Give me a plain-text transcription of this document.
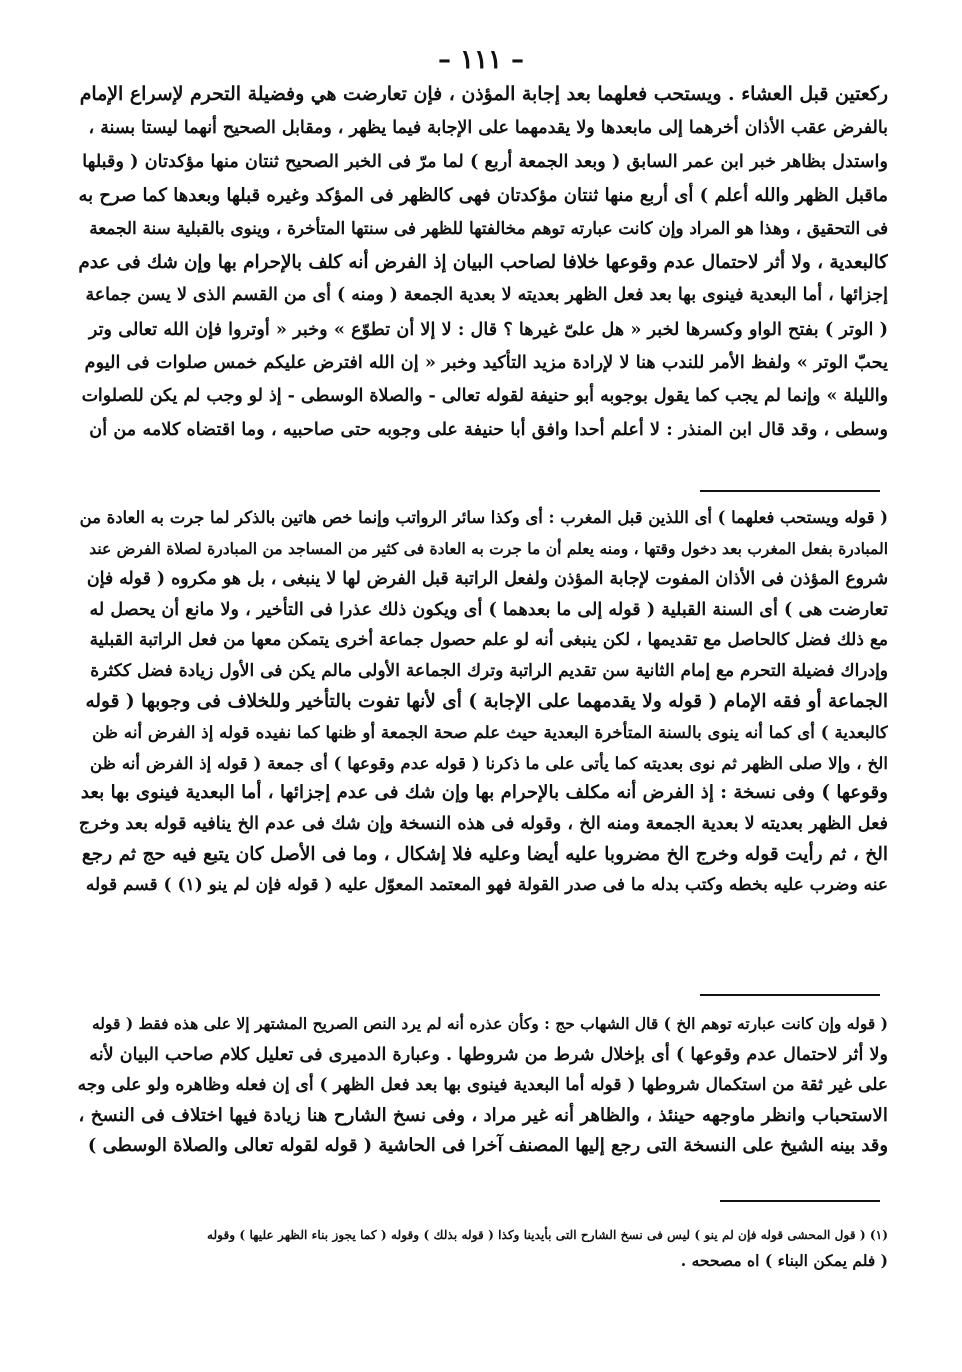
– ١١١ –
ركعتين قبل العشاء . ويستحب فعلهما بعد إجابة المؤذن ، فإن تعارضت هي وفضيلة التحرم لإسراع الإمام
بالفرض عقب الأذان أخرهما إلى مابعدها ولا يقدمهما على الإجابة فيما يظهر ، ومقابل الصحيح أنهما ليستا بسنة ،
واستدل بظاهر خبر ابن عمر السابق ( وبعد الجمعة أربع ) لما مرّ فى الخبر الصحيح ثنتان منها مؤكدتان ( وقبلها
ماقبل الظهر والله أعلم ) أى أربع منها ثنتان مؤكدتان فهى كالظهر فى المؤكد وغيره قبلها وبعدها كما صرح به
فى التحقيق ، وهذا هو المراد وإن كانت عبارته توهم مخالفتها للظهر فى سنتها المتأخرة ، وينوى بالقبلية سنة الجمعة
كالبعدية ، ولا أثر لاحتمال عدم وقوعها خلافا لصاحب البيان إذ الفرض أنه كلف بالإحرام بها وإن شك فى عدم
إجزائها ، أما البعدية فينوى بها بعد فعل الظهر بعديته لا بعدية الجمعة ( ومنه ) أى من القسم الذى لا يسن جماعة
( الوتر ) بفتح الواو وكسرها لخبر « هل علىّ غيرها ؟ قال : لا إلا أن تطوّع » وخبر « أوتروا فإن الله تعالى وتر
يحبّ الوتر » ولفظ الأمر للندب هنا لا لإرادة مزيد التأكيد وخبر « إن الله افترض عليكم خمس صلوات فى اليوم
والليلة » وإنما لم يجب كما يقول بوجوبه أبو حنيفة لقوله تعالى - والصلاة الوسطى - إذ لو وجب لم يكن للصلوات
وسطى ، وقد قال ابن المنذر : لا أعلم أحدا وافق أبا حنيفة على وجوبه حتى صاحبيه ، وما اقتضاه كلامه من أن
( قوله ويستحب فعلهما ) أى اللذين قبل المغرب : أى وكذا سائر الرواتب وإنما خص هاتين بالذكر لما جرت به العادة من
المبادرة بفعل المغرب بعد دخول وقتها ، ومنه يعلم أن ما جرت به العادة فى كثير من المساجد من المبادرة لصلاة الفرض عند
شروع المؤذن فى الأذان المفوت لإجابة المؤذن ولفعل الراتبة قبل الفرض لها لا ينبغى ، بل هو مكروه ( قوله فإن
تعارضت هى ) أى السنة القبلية ( قوله إلى ما بعدهما ) أى ويكون ذلك عذرا فى التأخير ، ولا مانع أن يحصل له
مع ذلك فضل كالحاصل مع تقديمها ، لكن ينبغى أنه لو علم حصول جماعة أخرى يتمكن معها من فعل الراتبة القبلية
وإدراك فضيلة التحرم مع إمام الثانية سن تقديم الراتبة وترك الجماعة الأولى مالم يكن فى الأول زيادة فضل ككثرة
الجماعة أو فقه الإمام ( قوله ولا يقدمهما على الإجابة ) أى لأنها تفوت بالتأخير وللخلاف فى وجوبها ( قوله
كالبعدية ) أى كما أنه ينوى بالسنة المتأخرة البعدية حيث علم صحة الجمعة أو ظنها كما نفيده قوله إذ الفرض أنه ظن
الخ ، وإلا صلى الظهر ثم نوى بعديته كما يأتى على ما ذكرنا ( قوله عدم وقوعها ) أى جمعة ( قوله إذ الفرض أنه ظن
وقوعها ) وفى نسخة : إذ الفرض أنه مكلف بالإحرام بها وإن شك فى عدم إجزائها ، أما البعدية فينوى بها بعد
فعل الظهر بعديته لا بعدية الجمعة ومنه الخ ، وقوله فى هذه النسخة وإن شك فى عدم الخ ينافيه قوله بعد وخرج
الخ ، ثم رأيت قوله وخرج الخ مضروبا عليه أيضا وعليه فلا إشكال ، وما فى الأصل كان يتبع فيه حج ثم رجع
عنه وضرب عليه بخطه وكتب بدله ما فى صدر القولة فهو المعتمد المعوّل عليه ( قوله فإن لم ينو (١) ) قسم قوله
( قوله وإن كانت عبارته توهم الخ ) قال الشهاب حج : وكأن عذره أنه لم يرد النص الصريح المشتهر إلا على هذه فقط ( قوله
ولا أثر لاحتمال عدم وقوعها ) أى بإخلال شرط من شروطها . وعبارة الدميرى فى تعليل كلام صاحب البيان لأنه
على غير ثقة من استكمال شروطها ( قوله أما البعدية فينوى بها بعد فعل الظهر ) أى إن فعله وظاهره ولو على وجه
الاستحباب وانظر ماوجهه حينئذ ، والظاهر أنه غير مراد ، وفى نسخ الشارح هنا زيادة فيها اختلاف فى النسخ ،
وقد بينه الشيخ على النسخة التى رجع إليها المصنف آخرا فى الحاشية ( قوله لقوله تعالى والصلاة الوسطى )
(١) ( قول المحشى قوله فإن لم ينو ) ليس فى نسخ الشارح التى بأيدينا وكذا ( قوله بذلك ) وقوله ( كما يجوز بناء الظهر عليها ) وقوله
( فلم يمكن البناء ) اه مصححه .
